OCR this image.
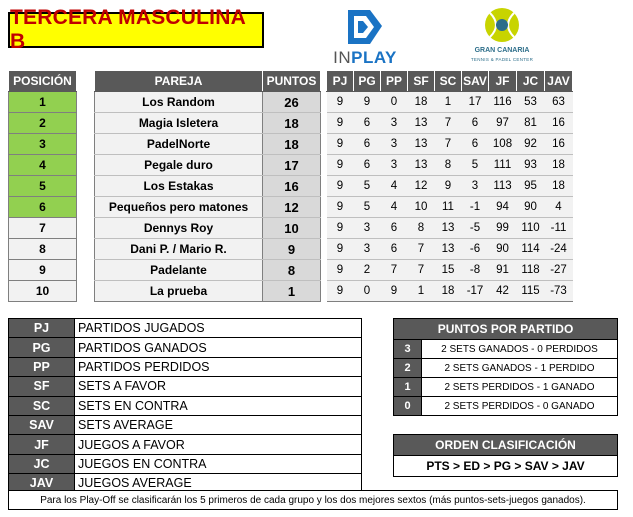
TERCERA MASCULINA B
INPLAY	GRAN CANARIA
TENNIS & PADEL CENTER
POSICIÓN		PAREJA	PUNTOS		PJ	PG	PP	SF	SC	SAV	JF	JC	JAV
1		Los Random	26		9	9	0	18	1	17	116	53	63
2		Magia Isletera	18		9	6	3	13	7	6	97	81	16
3		PadelNorte	18		9	6	3	13	7	6	108	92	16
4		Pegale duro	17		9	6	3	13	8	5	111	93	18
5		Los Estakas	16		9	5	4	12	9	3	113	95	18
6		Pequeños pero matones	12		9	5	4	10	11	-1	94	90	4
7		Dennys Roy	10		9	3	6	8	13	-5	99	110	-11
8		Dani P. / Mario R.	9		9	3	6	7	13	-6	90	114	-24
9		Padelante	8		9	2	7	7	15	-8	91	118	-27
10		La prueba	1		9	0	9	1	18	-17	42	115	-73
PJ	PARTIDOS JUGADOS
PG	PARTIDOS GANADOS
PP	PARTIDOS PERDIDOS
SF	SETS A FAVOR
SC	SETS EN CONTRA
SAV	SETS AVERAGE
JF	JUEGOS A FAVOR
JC	JUEGOS EN CONTRA
JAV	JUEGOS AVERAGE
PUNTOS POR PARTIDO	
3	2 SETS GANADOS - 0 PERDIDOS
2	2 SETS GANADOS - 1 PERDIDO
1	2 SETS PERDIDOS - 1 GANADO
0	2 SETS PERDIDOS - 0 GANADO
ORDEN CLASIFICACIÓN
PTS > ED > PG > SAV > JAV
Para los Play-Off se clasificarán los 5 primeros de cada grupo y los dos mejores sextos (más puntos-sets-juegos ganados).
